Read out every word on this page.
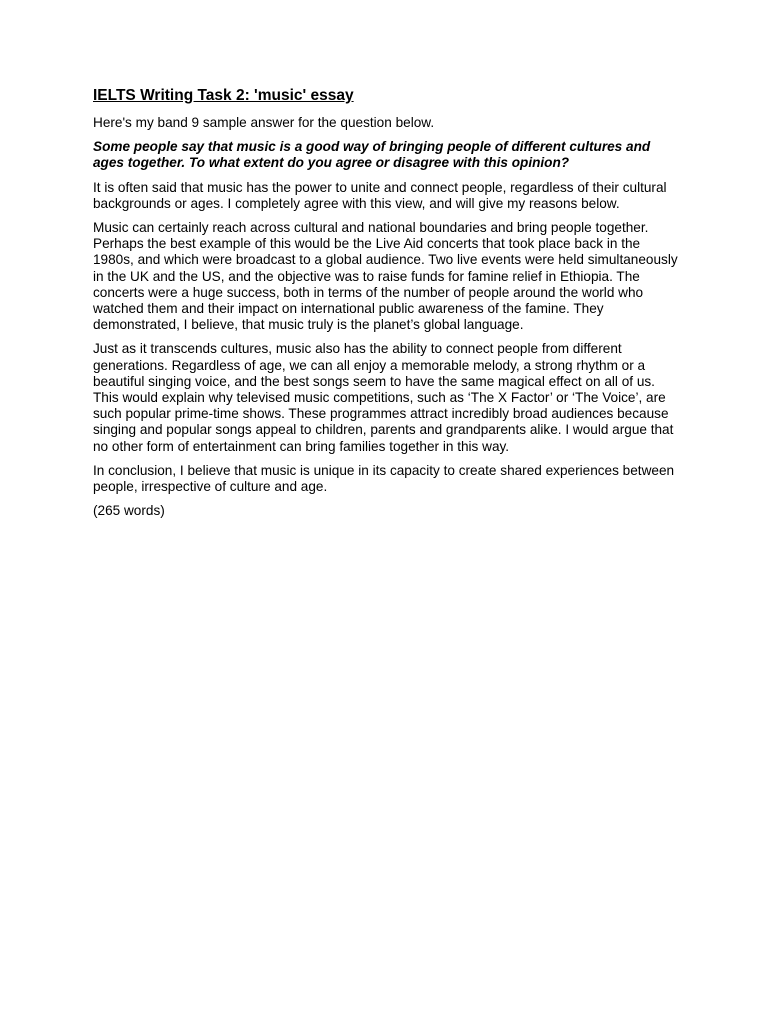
IELTS Writing Task 2: 'music' essay

Here's my band 9 sample answer for the question below.

Some people say that music is a good way of bringing people of different cultures and ages together. To what extent do you agree or disagree with this opinion?

It is often said that music has the power to unite and connect people, regardless of their cultural backgrounds or ages. I completely agree with this view, and will give my reasons below.

Music can certainly reach across cultural and national boundaries and bring people together. Perhaps the best example of this would be the Live Aid concerts that took place back in the 1980s, and which were broadcast to a global audience. Two live events were held simultaneously in the UK and the US, and the objective was to raise funds for famine relief in Ethiopia. The concerts were a huge success, both in terms of the number of people around the world who watched them and their impact on international public awareness of the famine. They demonstrated, I believe, that music truly is the planet’s global language.

Just as it transcends cultures, music also has the ability to connect people from different generations. Regardless of age, we can all enjoy a memorable melody, a strong rhythm or a beautiful singing voice, and the best songs seem to have the same magical effect on all of us. This would explain why televised music competitions, such as ‘The X Factor’ or ‘The Voice’, are such popular prime-time shows. These programmes attract incredibly broad audiences because singing and popular songs appeal to children, parents and grandparents alike. I would argue that no other form of entertainment can bring families together in this way.

In conclusion, I believe that music is unique in its capacity to create shared experiences between people, irrespective of culture and age.

(265 words)
